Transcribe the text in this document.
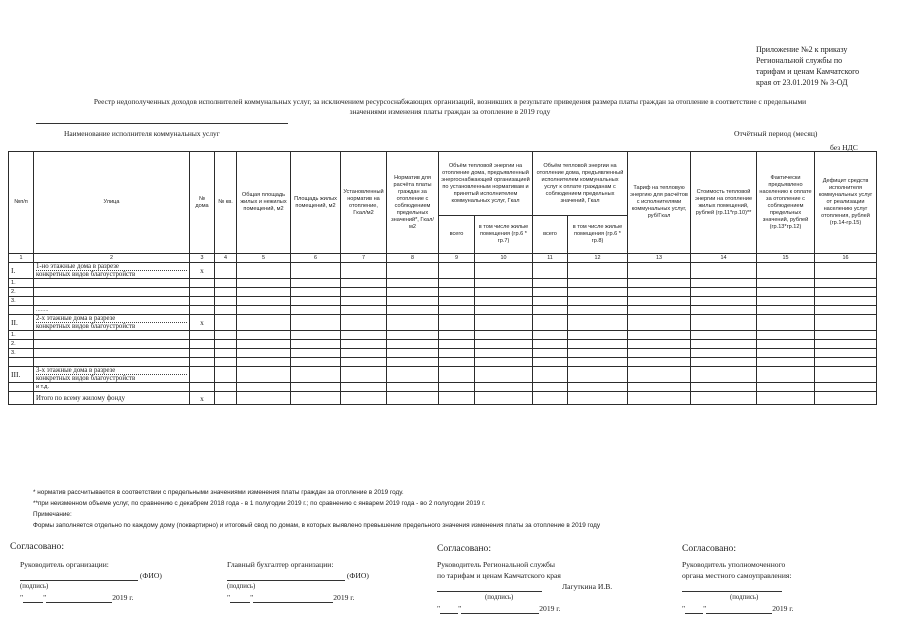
Приложение №2 к приказу
Региональной службы по
тарифам и ценам Камчатского
края от 23.01.2019 № 3-ОД
Реестр недополученных доходов исполнителей коммунальных услуг, за исключением ресурсоснабжающих организаций, возникших в результате приведения размера платы граждан за отопление в соответствие с предельными
значениями изменения платы граждан за отопление в 2019 году
Наименование исполнителя коммунальных услуг	Отчётный период (месяц)
без НДС
№п/п	Улица	№ дома	№ кв.	Общая площадь жилых и нежилых помещений, м2	Площадь жилых помещений, м2	Установленный норматив на отопление, Гкал/м2	Норматив для расчёта платы граждан за отопление с соблюдением предельных значений*, Гкал/м2	Объём тепловой энергии на отопление дома, предъявленный энергоснабжающей организацией по установленным нормативам и принятый исполнителем коммунальных услуг, Гкал		Объём тепловой энергии на отопление дома, предъявленный исполнителем коммунальных услуг к оплате гражданам с соблюдением предельных значений, Гкал		Тариф на тепловую энергию для расчётов с исполнителями коммунальных услуг, руб/Гкал	Стоимость тепловой энергии на отопление жилых помещений, рублей (гр.11*гр.10)**	Фактически предъявлено населению к оплате за отопление с соблюдением предельных значений, рублей (гр.13*гр.12)	Дефицит средств исполнителя коммунальных услуг от реализации населению услуг отопления, рублей (гр.14-гр.15)
								всего	в том числе жилые помещения (гр.6 * гр.7)	всего	в том числе жилые помещения (гр.6 * гр.8)				
1	2	3	4	5	6	7	8	9	10	11	12	13	14	15	16
I.	1-но этажные дома в разрезе
конкретных видов благоустройств	х													
1.															
2.															
3.															
	........														
II.	2-х этажные дома в разрезе
конкретных видов благоустройств	х													
1.															
2.															
3.															

III.	3-х этажные дома в разрезе
конкретных видов благоустройств														
	и т.д.														
	Итого по всему жилому фонду	х													
* норматив рассчитывается в соответствии с предельными значениями изменения платы граждан за отопление в 2019 году.
**при неизменном объеме услуг, по сравнению с декабрем 2018 года - в 1 полугодии 2019 г.; по сравнению с январем 2019 года - во 2 полугодии 2019 г.
Примечание:
Формы заполняется отдельно по каждому дому (поквартирно) и итоговый свод по домам, в которых выявлено превышение предельного значения изменения платы за отопление в 2019 году
Согласовано:
Руководитель организации:
(ФИО)
(подпись)
"	"	2019 г.
Главный бухгалтер организации:
(ФИО)
(подпись)
"	"	2019 г.
Согласовано:
Руководитель Региональной службы
по тарифам и ценам Камчатского края
Лагуткина И.В.
(подпись)
" "	2019 г.
Согласовано:
Руководитель уполномоченного
органа местного самоуправления:
(подпись)
" "	2019 г.
